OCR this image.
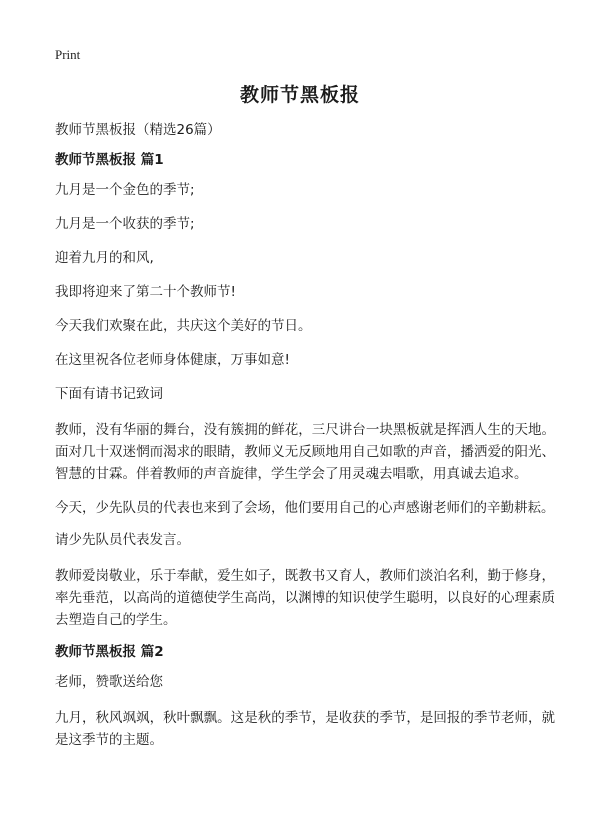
Print
教师节黑板报

教师节黑板报（精选26篇）

教师节黑板报 篇1

九月是一个金色的季节;

九月是一个收获的季节;

迎着九月的和风,

我即将迎来了第二十个教师节!

今天我们欢聚在此，共庆这个美好的节日。

在这里祝各位老师身体健康，万事如意!

下面有请书记致词

教师，没有华丽的舞台，没有簇拥的鲜花，三尺讲台一块黑板就是挥洒人生的天地。面对几十双迷惘而渴求的眼睛，教师义无反顾地用自己如歌的声音，播洒爱的阳光、智慧的甘霖。伴着教师的声音旋律，学生学会了用灵魂去唱歌，用真诚去追求。

今天，少先队员的代表也来到了会场，他们要用自己的心声感谢老师们的辛勤耕耘。

请少先队员代表发言。

教师爱岗敬业，乐于奉献，爱生如子，既教书又育人，教师们淡泊名利，勤于修身，率先垂范，以高尚的道德使学生高尚，以渊博的知识使学生聪明，以良好的心理素质去塑造自己的学生。

教师节黑板报 篇2

老师，赞歌送给您

九月，秋风飒飒，秋叶飘飘。这是秋的季节，是收获的季节，是回报的季节老师，就是这季节的主题。
